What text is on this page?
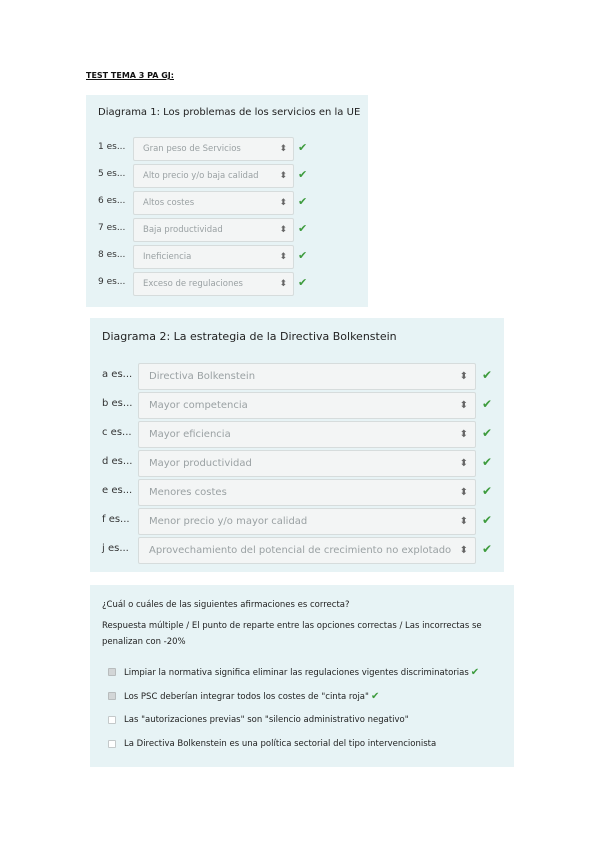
TEST TEMA 3 PA GJ:
Diagrama 1: Los problemas de los servicios en la UE
1 es... Gran peso de Servicios	⬍ ✔
5 es... Alto precio y/o baja calidad ⬍ ✔
6 es... Altos costes	⬍ ✔
7 es... Baja productividad	⬍ ✔
8 es... Ineficiencia	⬍ ✔
9 es... Exceso de regulaciones	⬍ ✔
Diagrama 2: La estrategia de la Directiva Bolkenstein
a es... Directiva Bolkenstein	⬍ ✔
b es... Mayor competencia	⬍ ✔
c es... Mayor eficiencia	⬍ ✔
d es... Mayor productividad	⬍ ✔
e es... Menores costes	⬍ ✔
f es... Menor precio y/o mayor calidad	⬍ ✔
j es... Aprovechamiento del potencial de crecimiento no explotado ⬍ ✔
¿Cuál o cuáles de las siguientes afirmaciones es correcta?
Respuesta múltiple / El punto de reparte entre las opciones correctas / Las incorrectas se penalizan con -20%
Limpiar la normativa significa eliminar las regulaciones vigentes discriminatorias ✔
Los PSC deberían integrar todos los costes de "cinta roja" ✔
Las "autorizaciones previas" son "silencio administrativo negativo"
La Directiva Bolkenstein es una política sectorial del tipo intervencionista
